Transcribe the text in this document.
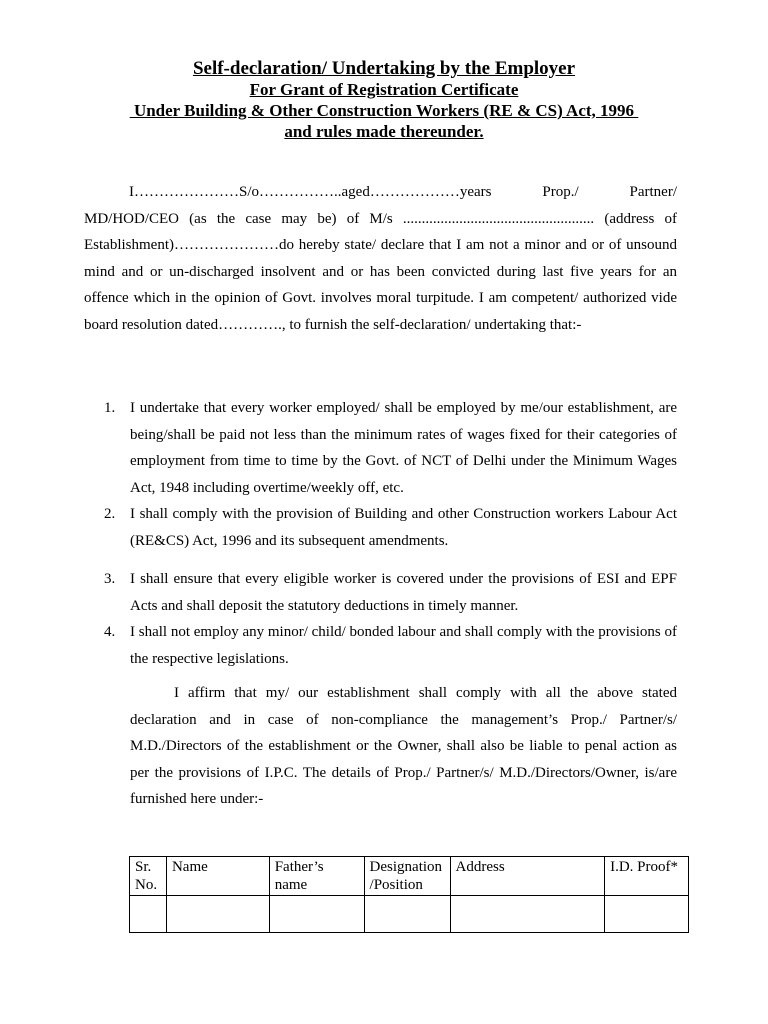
Self-declaration/ Undertaking by the Employer
For Grant of Registration Certificate
Under Building & Other Construction Workers (RE & CS) Act, 1996
and rules made thereunder.
I…………………S/o……………..aged………………years	Prop./	Partner/
MD/HOD/CEO (as the case may be) of M/s ................................................... (address of
Establishment)…………………do hereby state/ declare that I am not a minor and or of unsound
mind and or un-discharged insolvent and or has been convicted during last five years for an
offence which in the opinion of Govt. involves moral turpitude. I am competent/ authorized vide
board resolution dated…………., to furnish the self-declaration/ undertaking that:-
1. I undertake that every worker employed/ shall be employed by me/our establishment, are being/shall be paid not less than the minimum rates of wages fixed for their categories of employment from time to time by the Govt. of NCT of Delhi under the Minimum Wages Act, 1948 including overtime/weekly off, etc.
2. I shall comply with the provision of Building and other Construction workers Labour Act (RE&CS) Act, 1996 and its subsequent amendments.
3. I shall ensure that every eligible worker is covered under the provisions of ESI and EPF Acts and shall deposit the statutory deductions in timely manner.
4. I shall not employ any minor/ child/ bonded labour and shall comply with the provisions of the respective legislations.
I affirm that my/ our establishment shall comply with all the above stated declaration and in case of non-compliance the management’s Prop./ Partner/s/ M.D./Directors of the establishment or the Owner, shall also be liable to penal action as per the provisions of I.P.C. The details of Prop./ Partner/s/ M.D./Directors/Owner, is/are furnished here under:-
Sr. No.	Name	Father’s name	Designation /Position	Address	I.D. Proof*
